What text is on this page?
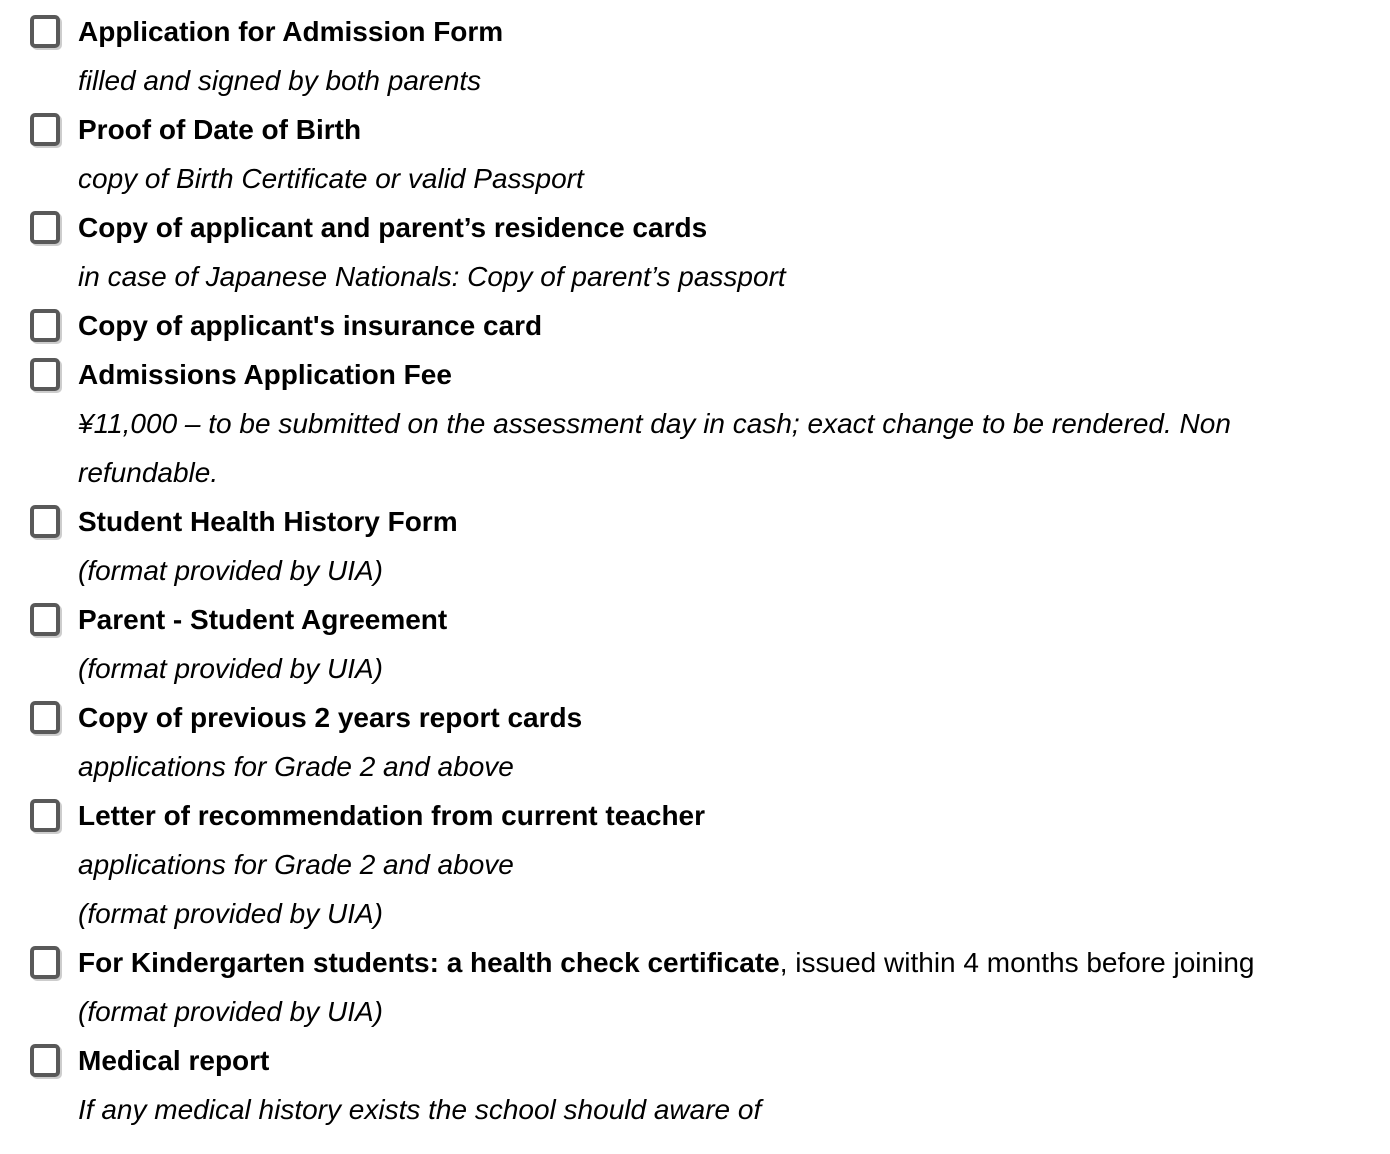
Application for Admission Form
filled and signed by both parents
Proof of Date of Birth
copy of Birth Certificate or valid Passport
Copy of applicant and parent’s residence cards
in case of Japanese Nationals: Copy of parent’s passport
Copy of applicant's insurance card
Admissions Application Fee
¥11,000 – to be submitted on the assessment day in cash; exact change to be rendered. Non refundable.
Student Health History Form
(format provided by UIA)
Parent - Student Agreement
(format provided by UIA)
Copy of previous 2 years report cards
applications for Grade 2 and above
Letter of recommendation from current teacher
applications for Grade 2 and above
(format provided by UIA)
For Kindergarten students: a health check certificate, issued within 4 months before joining
(format provided by UIA)
Medical report
If any medical history exists the school should aware of
